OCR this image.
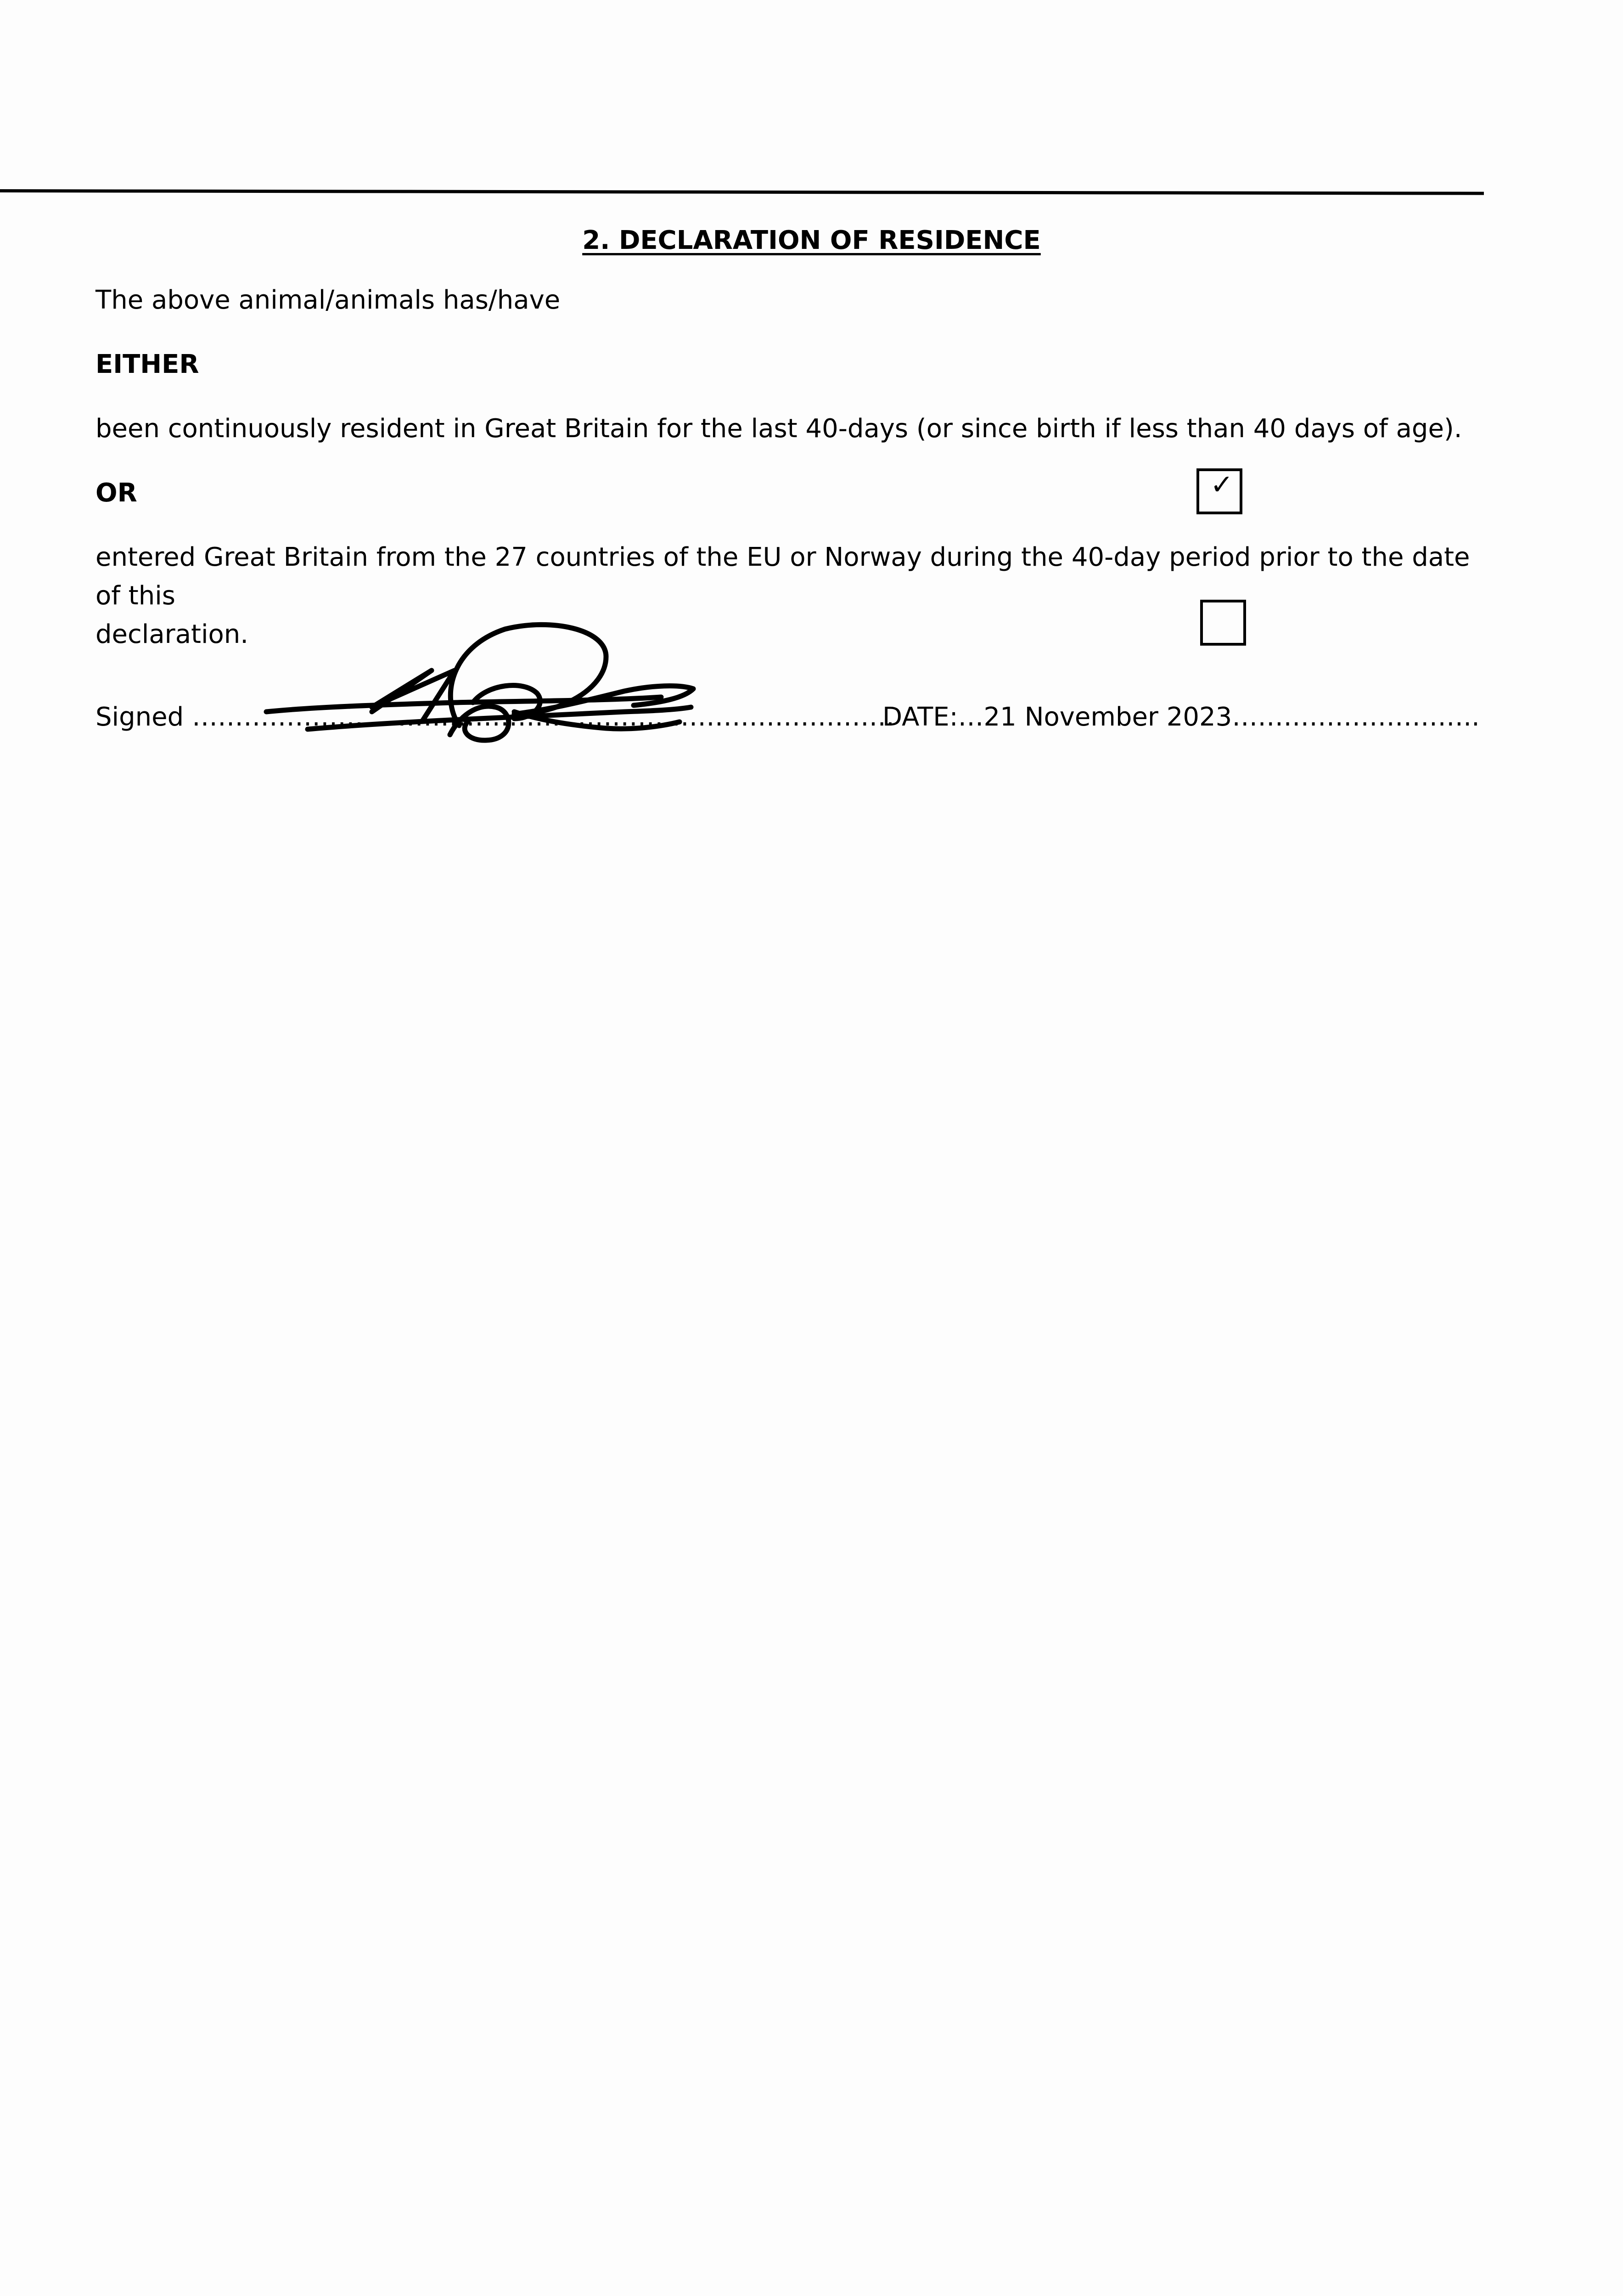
2. DECLARATION OF RESIDENCE
The above animal/animals has/have
EITHER
been continuously resident in Great Britain for the last 40-days (or since birth if less than 40 days of age).
OR	✓
entered Great Britain from the 27 countries of the EU or Norway during the 40-day period prior to the date of this
declaration.
Signed ……………………………………………………………………….
DATE:…21 November 2023………………………..
